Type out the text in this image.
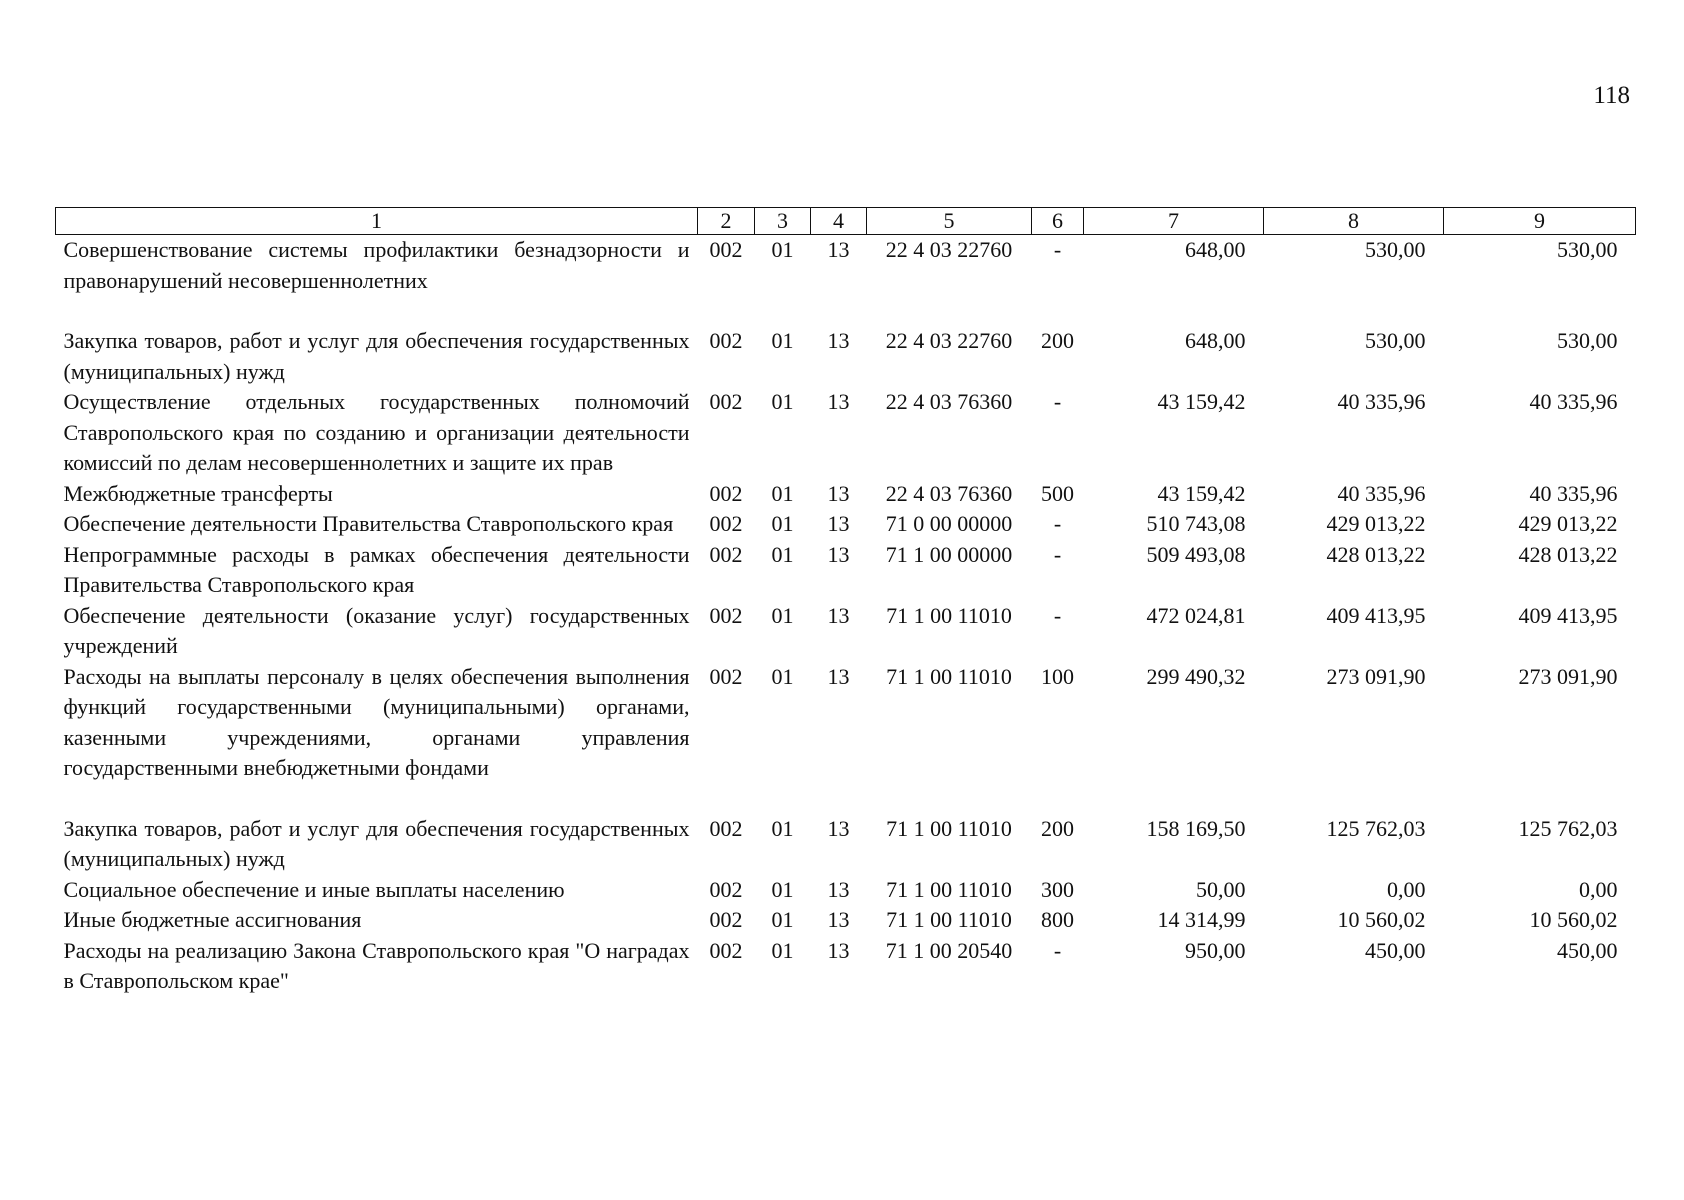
118
1	2	3	4	5	6	7	8	9
Совершенствование системы профилактики безнадзорности и правонарушений несовершеннолетних	002	01	13	22 4 03 22760	-	648,00	530,00	530,00
Закупка товаров, работ и услуг для обеспечения государственных (муниципальных) нужд	002	01	13	22 4 03 22760	200	648,00	530,00	530,00
Осуществление отдельных государственных полномочий Ставропольского края по созданию и организации деятельности комиссий по делам несовершеннолетних и защите их прав	002	01	13	22 4 03 76360	-	43 159,42	40 335,96	40 335,96
Межбюджетные трансферты	002	01	13	22 4 03 76360	500	43 159,42	40 335,96	40 335,96
Обеспечение деятельности Правительства Ставропольского края	002	01	13	71 0 00 00000	-	510 743,08	429 013,22	429 013,22
Непрограммные расходы в рамках обеспечения деятельности Правительства Ставропольского края	002	01	13	71 1 00 00000	-	509 493,08	428 013,22	428 013,22
Обеспечение деятельности (оказание услуг) государственных учреждений	002	01	13	71 1 00 11010	-	472 024,81	409 413,95	409 413,95
Расходы на выплаты персоналу в целях обеспечения выполнения функций государственными (муниципальными) органами, казенными учреждениями, органами управления государственными внебюджетными фондами	002	01	13	71 1 00 11010	100	299 490,32	273 091,90	273 091,90
Закупка товаров, работ и услуг для обеспечения государственных (муниципальных) нужд	002	01	13	71 1 00 11010	200	158 169,50	125 762,03	125 762,03
Социальное обеспечение и иные выплаты населению	002	01	13	71 1 00 11010	300	50,00	0,00	0,00
Иные бюджетные ассигнования	002	01	13	71 1 00 11010	800	14 314,99	10 560,02	10 560,02
Расходы на реализацию Закона Ставропольского края "О наградах в Ставропольском крае"	002	01	13	71 1 00 20540	-	950,00	450,00	450,00
